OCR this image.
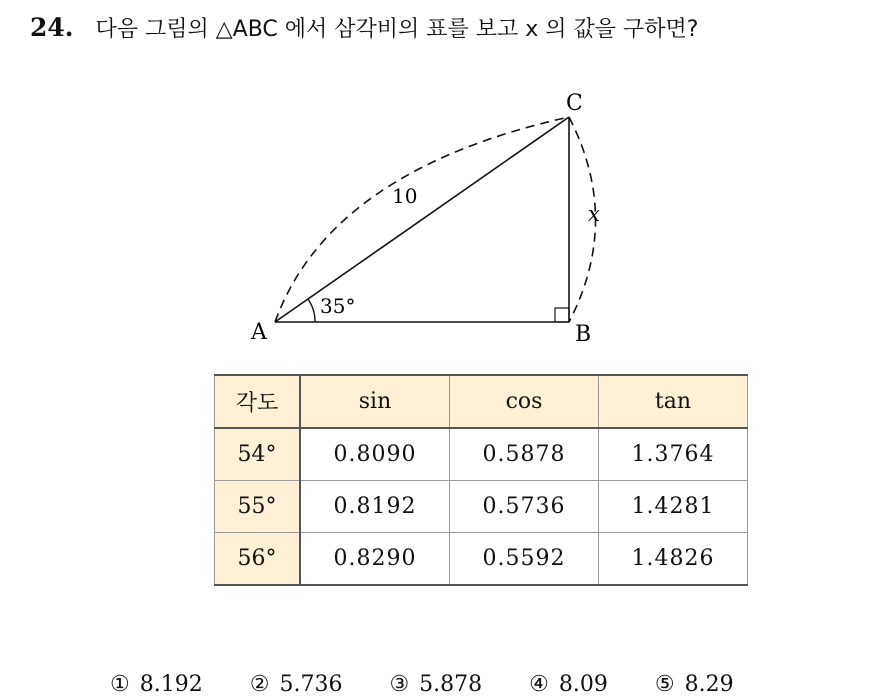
24. 다음 그림의 △ABC 에서 삼각비의 표를 보고 x 의 값을 구하면?
A	B
C
10
x
35°
각도	sin	cos	tan
54°	0.8090	0.5878	1.3764
55°	0.8192	0.5736	1.4281
56°	0.8290	0.5592	1.4826
① 8.192 ② 5.736 ③ 5.878 ④ 8.09 ⑤ 8.29
